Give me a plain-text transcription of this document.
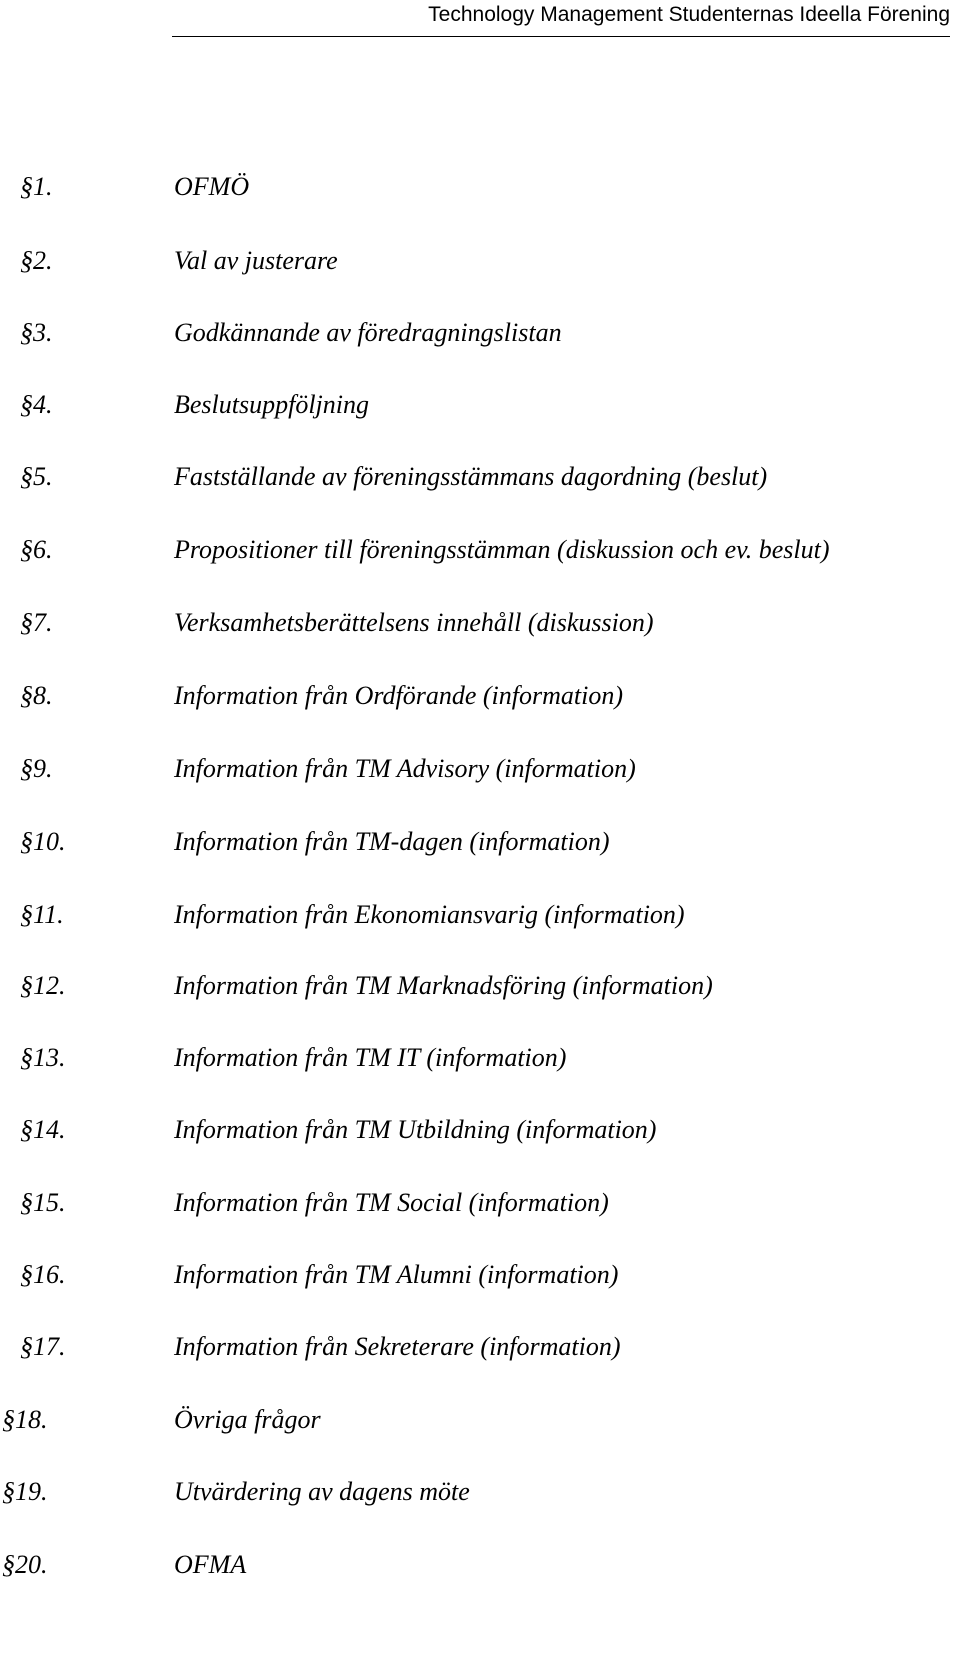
Technology Management Studenternas Ideella Förening
§1.	OFMÖ
§2.	Val av justerare
§3.	Godkännande av föredragningslistan
§4.	Beslutsuppföljning
§5.	Fastställande av föreningsstämmans dagordning (beslut)
§6.	Propositioner till föreningsstämman (diskussion och ev. beslut)
§7.	Verksamhetsberättelsens innehåll (diskussion)
§8.	Information från Ordförande (information)
§9.	Information från TM Advisory (information)
§10.	Information från TM-dagen (information)
§11.	Information från Ekonomiansvarig (information)
§12.	Information från TM Marknadsföring (information)
§13.	Information från TM IT (information)
§14.	Information från TM Utbildning (information)
§15.	Information från TM Social (information)
§16.	Information från TM Alumni (information)
§17.	Information från Sekreterare (information)
§18.	Övriga frågor
§19.	Utvärdering av dagens möte
§20.	OFMA
